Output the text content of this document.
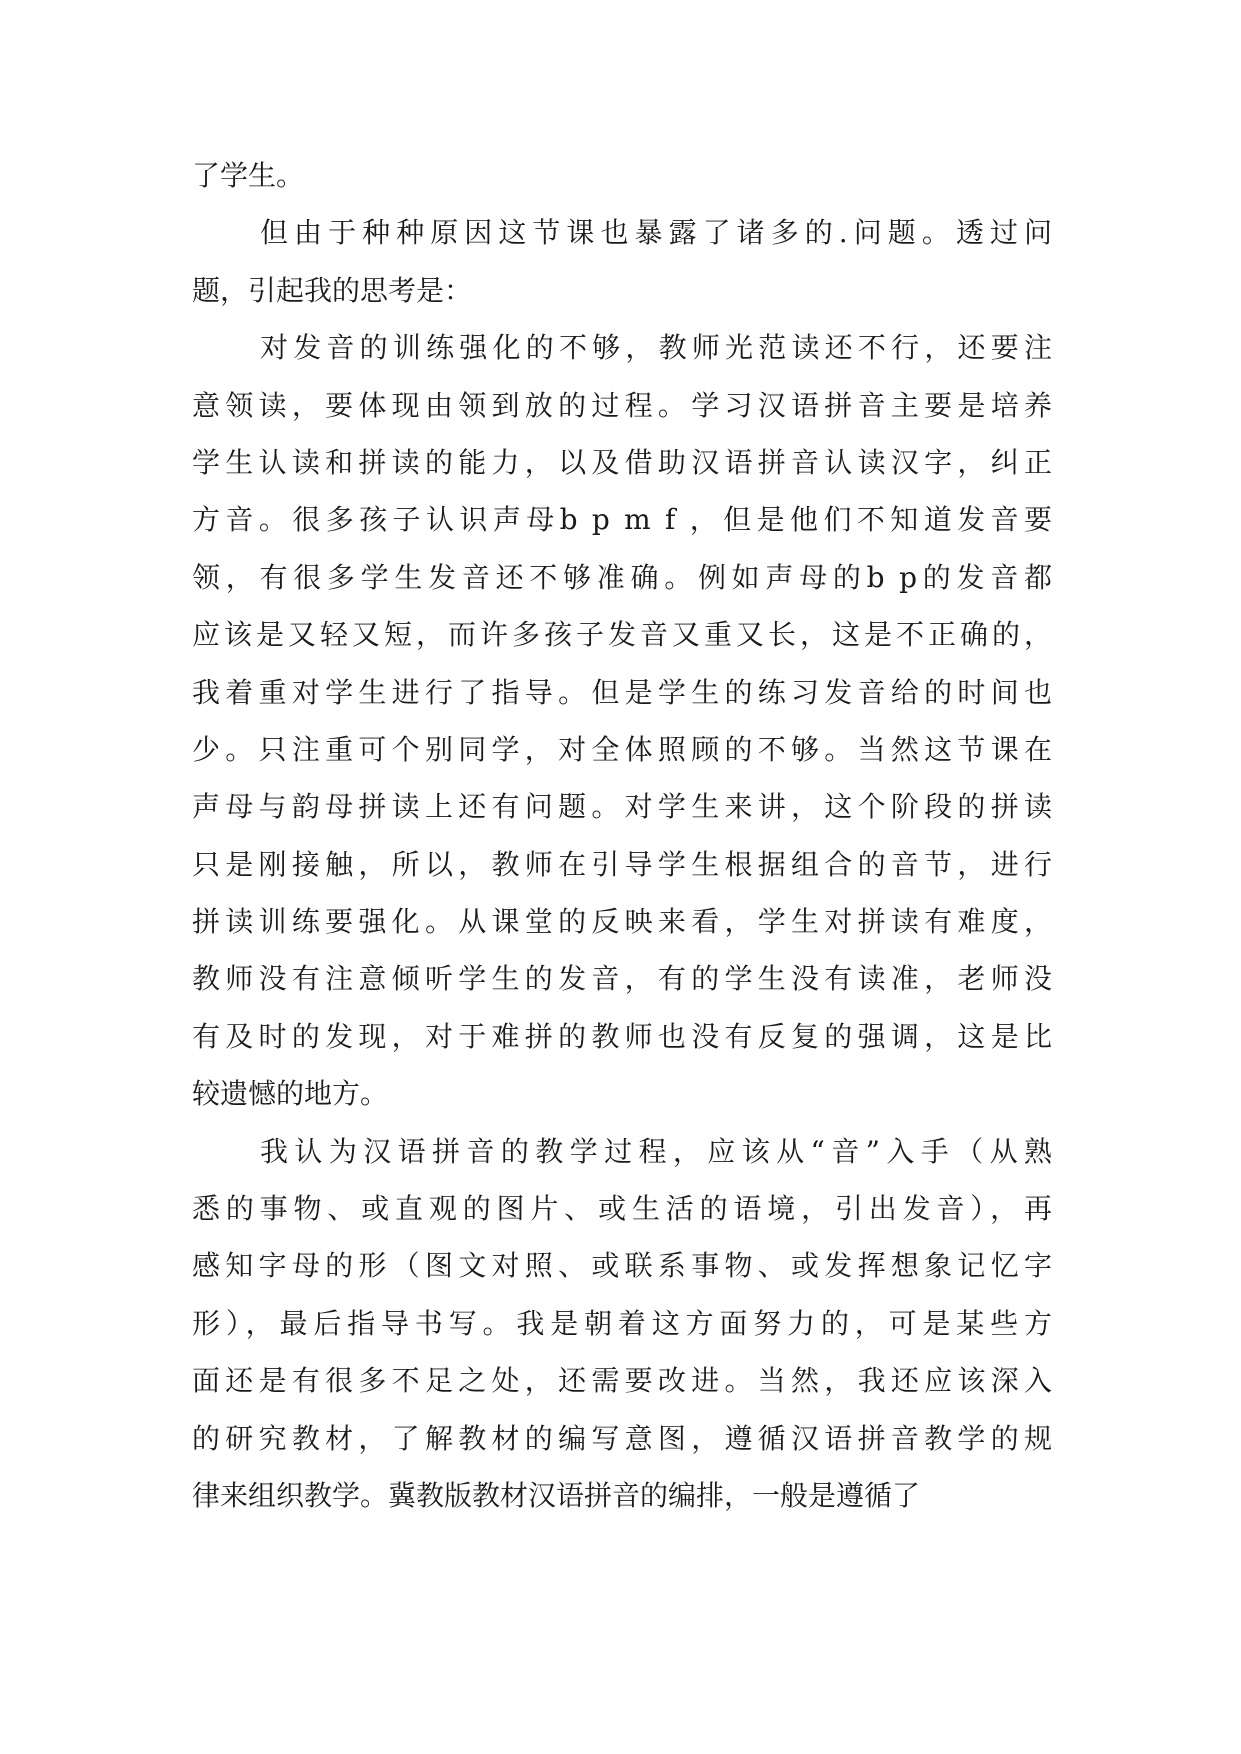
了学生。
但由于种种原因这节课也暴露了诸多的.问题。透过问
题，引起我的思考是：
对发音的训练强化的不够，教师光范读还不行，还要注
意领读，要体现由领到放的过程。学习汉语拼音主要是培养
学生认读和拼读的能力，以及借助汉语拼音认读汉字，纠正
方音。很多孩子认识声母b p m f ，但是他们不知道发音要
领，有很多学生发音还不够准确。例如声母的b p的发音都
应该是又轻又短，而许多孩子发音又重又长，这是不正确的，
我着重对学生进行了指导。但是学生的练习发音给的时间也
少。只注重可个别同学，对全体照顾的不够。当然这节课在
声母与韵母拼读上还有问题。对学生来讲，这个阶段的拼读
只是刚接触，所以，教师在引导学生根据组合的音节，进行
拼读训练要强化。从课堂的反映来看，学生对拼读有难度，
教师没有注意倾听学生的发音，有的学生没有读准，老师没
有及时的发现，对于难拼的教师也没有反复的强调，这是比
较遗憾的地方。
我认为汉语拼音的教学过程，应该从“音”入手（从熟
悉的事物、或直观的图片、或生活的语境，引出发音），再
感知字母的形（图文对照、或联系事物、或发挥想象记忆字
形），最后指导书写。我是朝着这方面努力的，可是某些方
面还是有很多不足之处，还需要改进。当然，我还应该深入
的研究教材，了解教材的编写意图，遵循汉语拼音教学的规
律来组织教学。冀教版教材汉语拼音的编排，一般是遵循了
